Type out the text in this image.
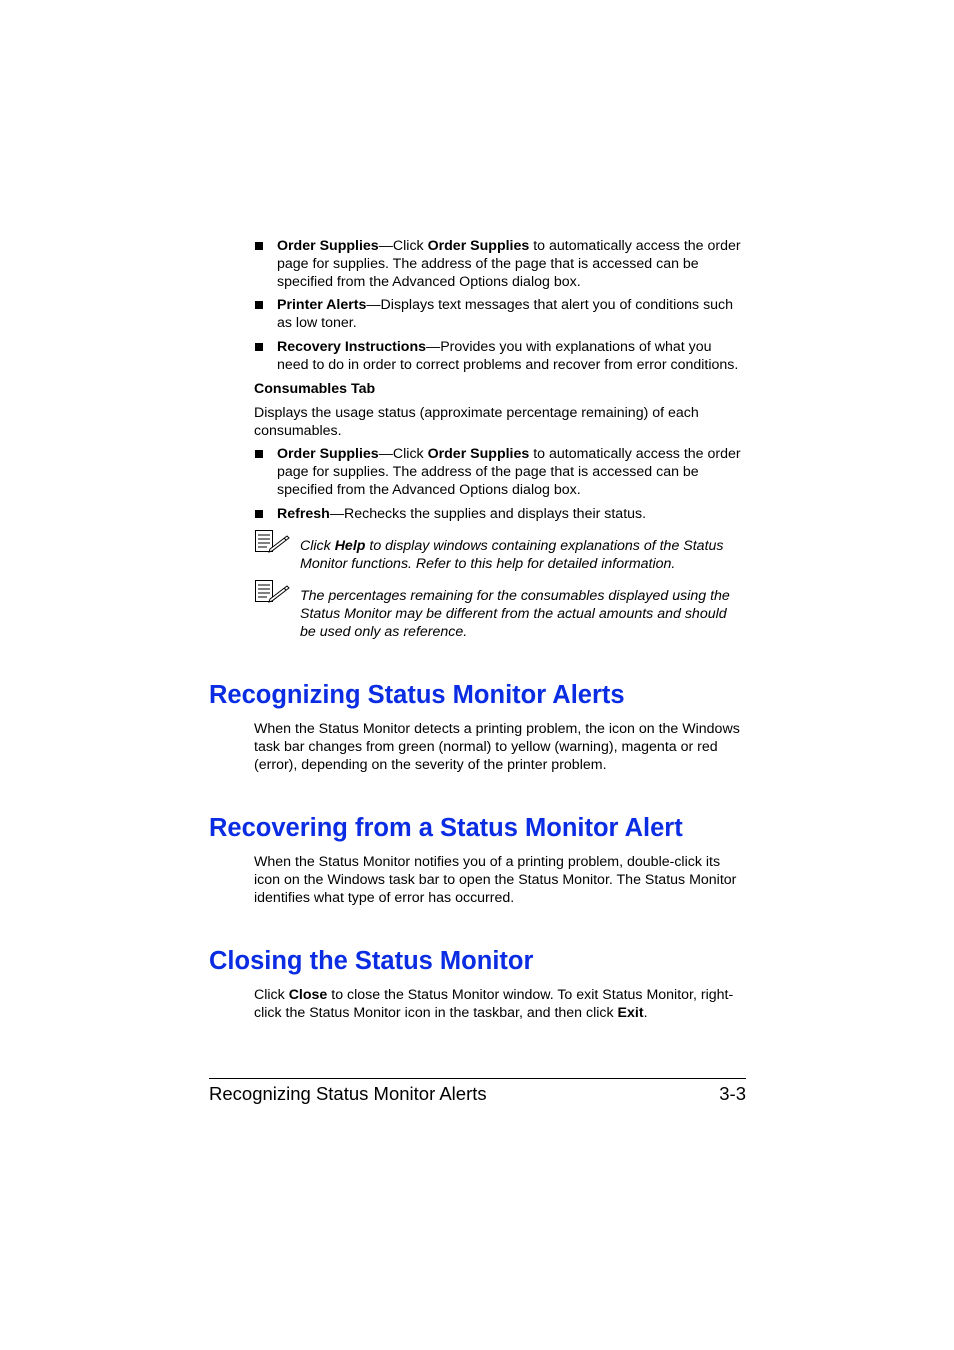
Order Supplies—Click Order Supplies to automatically access the order page for supplies. The address of the page that is accessed can be specified from the Advanced Options dialog box.

Printer Alerts—Displays text messages that alert you of conditions such as low toner.

Recovery Instructions—Provides you with explanations of what you need to do in order to correct problems and recover from error conditions.

Consumables Tab

Displays the usage status (approximate percentage remaining) of each consumables.

Order Supplies—Click Order Supplies to automatically access the order page for supplies. The address of the page that is accessed can be specified from the Advanced Options dialog box.

Refresh—Rechecks the supplies and displays their status.

Click Help to display windows containing explanations of the Status Monitor functions. Refer to this help for detailed information.
The percentages remaining for the consumables displayed using the Status Monitor may be different from the actual amounts and should be used only as reference.
Recognizing Status Monitor Alerts

When the Status Monitor detects a printing problem, the icon on the Windows task bar changes from green (normal) to yellow (warning), magenta or red (error), depending on the severity of the printer problem.

Recovering from a Status Monitor Alert

When the Status Monitor notifies you of a printing problem, double-click its icon on the Windows task bar to open the Status Monitor. The Status Monitor identifies what type of error has occurred.

Closing the Status Monitor

Click Close to close the Status Monitor window. To exit Status Monitor, right-click the Status Monitor icon in the taskbar, and then click Exit.

Recognizing Status Monitor Alerts	3-3
